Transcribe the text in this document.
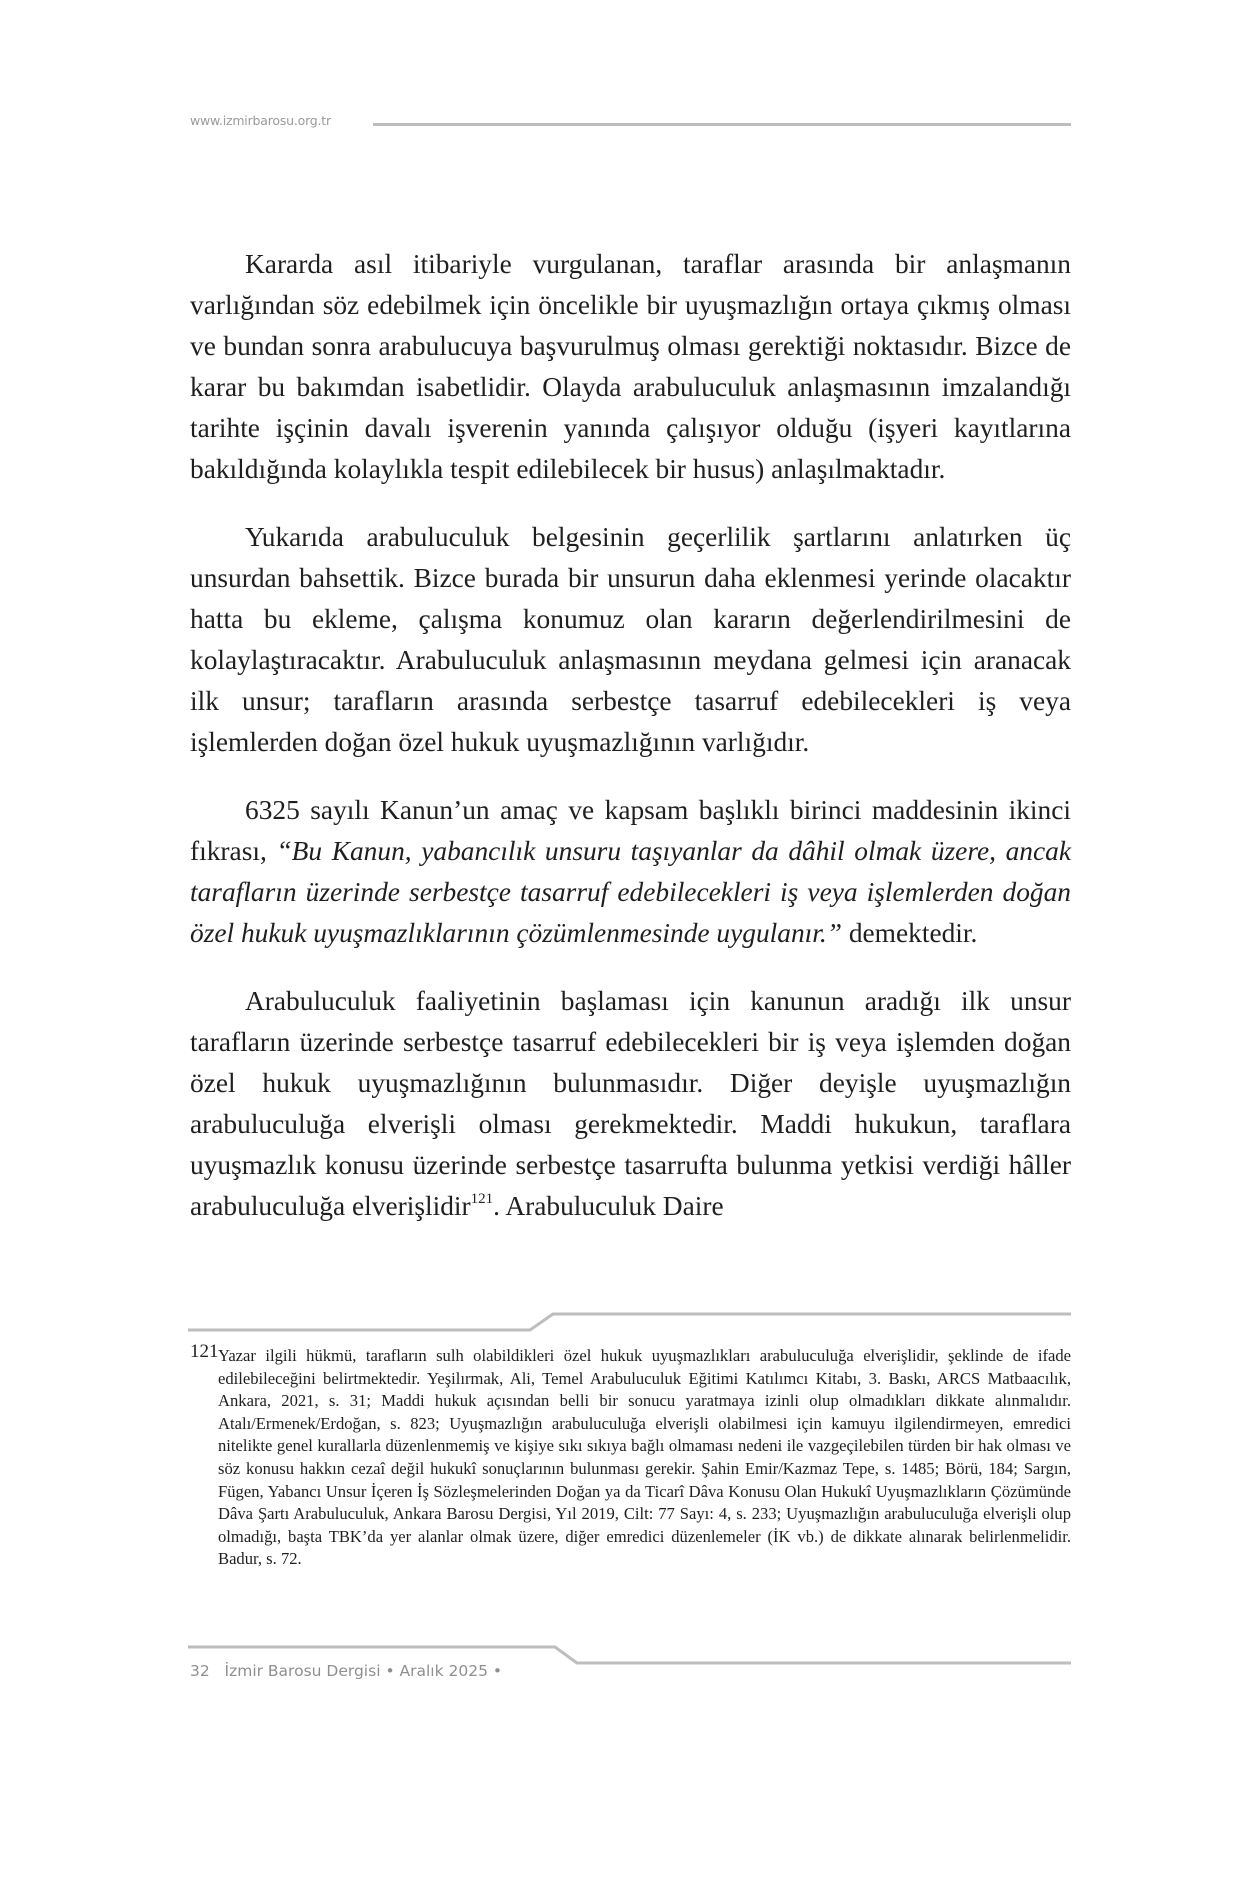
www.izmirbarosu.org.tr

Kararda asıl itibariyle vurgulanan, taraflar arasında bir anlaşmanın varlığından söz edebilmek için öncelikle bir uyuşmazlığın ortaya çıkmış olması ve bundan sonra arabulucuya başvurulmuş olması gerektiği noktasıdır. Bizce de karar bu bakımdan isabetlidir. Olayda arabuluculuk anlaşmasının imzalandığı tarihte işçinin davalı işverenin yanında çalışıyor olduğu (işyeri kayıtlarına bakıldığında kolaylıkla tespit edilebilecek bir husus) anlaşılmaktadır.

Yukarıda arabuluculuk belgesinin geçerlilik şartlarını anlatırken üç unsurdan bahsettik. Bizce burada bir unsurun daha eklenmesi yerinde olacaktır hatta bu ekleme, çalışma konumuz olan kararın değerlendirilmesini de kolaylaştıracaktır. Arabuluculuk anlaşmasının meydana gelmesi için aranacak ilk unsur; tarafların arasında serbestçe tasarruf edebilecekleri iş veya işlemlerden doğan özel hukuk uyuşmazlığının varlığıdır.

6325 sayılı Kanun’un amaç ve kapsam başlıklı birinci maddesinin ikinci fıkrası, “Bu Kanun, yabancılık unsuru taşıyanlar da dâhil olmak üzere, ancak tarafların üzerinde serbestçe tasarruf edebilecekleri iş veya işlemlerden doğan özel hukuk uyuşmazlıklarının çözümlenmesinde uygulanır.” demektedir.

Arabuluculuk faaliyetinin başlaması için kanunun aradığı ilk unsur tarafların üzerinde serbestçe tasarruf edebilecekleri bir iş veya işlemden doğan özel hukuk uyuşmazlığının bulunmasıdır. Diğer deyişle uyuşmazlığın arabuluculuğa elverişli olması gerekmektedir. Maddi hukukun, taraflara uyuşmazlık konusu üzerinde serbestçe tasarrufta bulunma yetkisi verdiği hâller arabuluculuğa elverişlidir$^{121}$. Arabuluculuk Daire

121 Yazar ilgili hükmü, tarafların sulh olabildikleri özel hukuk uyuşmazlıkları arabuluculuğa elverişlidir, şeklinde de ifade edilebileceğini belirtmektedir. Yeşilırmak, Ali, Temel Arabuluculuk Eğitimi Katılımcı Kitabı, 3. Baskı, ARCS Matbaacılık, Ankara, 2021, s. 31; Maddi hukuk açısından belli bir sonucu yaratmaya izinli olup olmadıkları dikkate alınmalıdır. Atalı/Ermenek/Erdoğan, s. 823; Uyuşmazlığın arabuluculuğa elverişli olabilmesi için kamuyu ilgilendirmeyen, emredici nitelikte genel kurallarla düzenlenmemiş ve kişiye sıkı sıkıya bağlı olmaması nedeni ile vazgeçilebilen türden bir hak olması ve söz konusu hakkın cezaî değil hukukî sonuçlarının bulunması gerekir. Şahin Emir/Kazmaz Tepe, s. 1485; Börü, 184; Sargın, Fügen, Yabancı Unsur İçeren İş Sözleşmelerinden Doğan ya da Ticarî Dâva Konusu Olan Hukukî Uyuşmazlıkların Çözümünde Dâva Şartı Arabuluculuk, Ankara Barosu Dergisi, Yıl 2019, Cilt: 77 Sayı: 4, s. 233; Uyuşmazlığın arabuluculuğa elverişli olup olmadığı, başta TBK’da yer alanlar olmak üzere, diğer emredici düzenlemeler (İK vb.) de dikkate alınarak belirlenmelidir. Badur, s. 72.
32 İzmir Barosu Dergisi • Aralık 2025 •
